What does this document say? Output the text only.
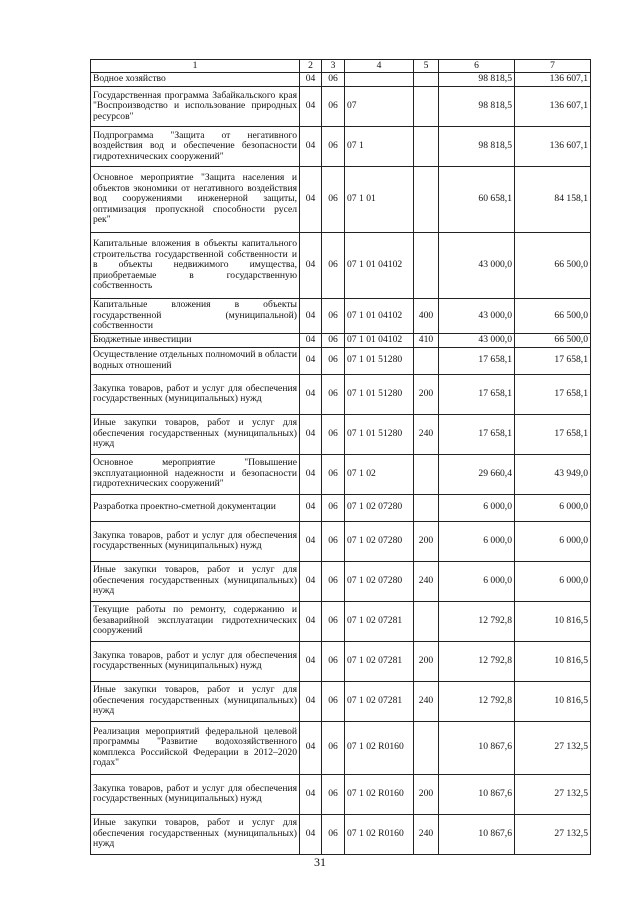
1	2	3	4	5	6	7
Водное хозяйство	04	06			98 818,5	136 607,1
Государственная программа Забайкальского края "Воспроизводство и использование природных ресурсов"	04	06	07		98 818,5	136 607,1
Подпрограмма "Защита от негативного воздействия вод и обеспечение безопасности гидротехнических сооружений"	04	06	07 1		98 818,5	136 607,1
Основное мероприятие "Защита населения и объектов экономики от негативного воздействия вод сооружениями инженерной защиты, оптимизация пропускной способности русел рек"	04	06	07 1 01		60 658,1	84 158,1
Капитальные вложения в объекты капитального строительства государственной собственности и в объекты недвижимого имущества, приобретаемые в государственную собственность	04	06	07 1 01 04102		43 000,0	66 500,0
Капитальные вложения в объекты государственной (муниципальной) собственности	04	06	07 1 01 04102	400	43 000,0	66 500,0
Бюджетные инвестиции	04	06	07 1 01 04102	410	43 000,0	66 500,0
Осуществление отдельных полномочий в области водных отношений	04	06	07 1 01 51280		17 658,1	17 658,1
Закупка товаров, работ и услуг для обеспечения государственных (муниципальных) нужд	04	06	07 1 01 51280	200	17 658,1	17 658,1
Иные закупки товаров, работ и услуг для обеспечения государственных (муниципальных) нужд	04	06	07 1 01 51280	240	17 658,1	17 658,1
Основное мероприятие "Повышение эксплуатационной надежности и безопасности гидротехнических сооружений"	04	06	07 1 02		29 660,4	43 949,0
Разработка проектно-сметной документации	04	06	07 1 02 07280		6 000,0	6 000,0
Закупка товаров, работ и услуг для обеспечения государственных (муниципальных) нужд	04	06	07 1 02 07280	200	6 000,0	6 000,0
Иные закупки товаров, работ и услуг для обеспечения государственных (муниципальных) нужд	04	06	07 1 02 07280	240	6 000,0	6 000,0
Текущие работы по ремонту, содержанию и безаварийной эксплуатации гидротехнических сооружений	04	06	07 1 02 07281		12 792,8	10 816,5
Закупка товаров, работ и услуг для обеспечения государственных (муниципальных) нужд	04	06	07 1 02 07281	200	12 792,8	10 816,5
Иные закупки товаров, работ и услуг для обеспечения государственных (муниципальных) нужд	04	06	07 1 02 07281	240	12 792,8	10 816,5
Реализация мероприятий федеральной целевой программы "Развитие водохозяйственного комплекса Российской Федерации в 2012–2020 годах"	04	06	07 1 02 R0160		10 867,6	27 132,5
Закупка товаров, работ и услуг для обеспечения государственных (муниципальных) нужд	04	06	07 1 02 R0160	200	10 867,6	27 132,5
Иные закупки товаров, работ и услуг для обеспечения государственных (муниципальных) нужд	04	06	07 1 02 R0160	240	10 867,6	27 132,5
31
